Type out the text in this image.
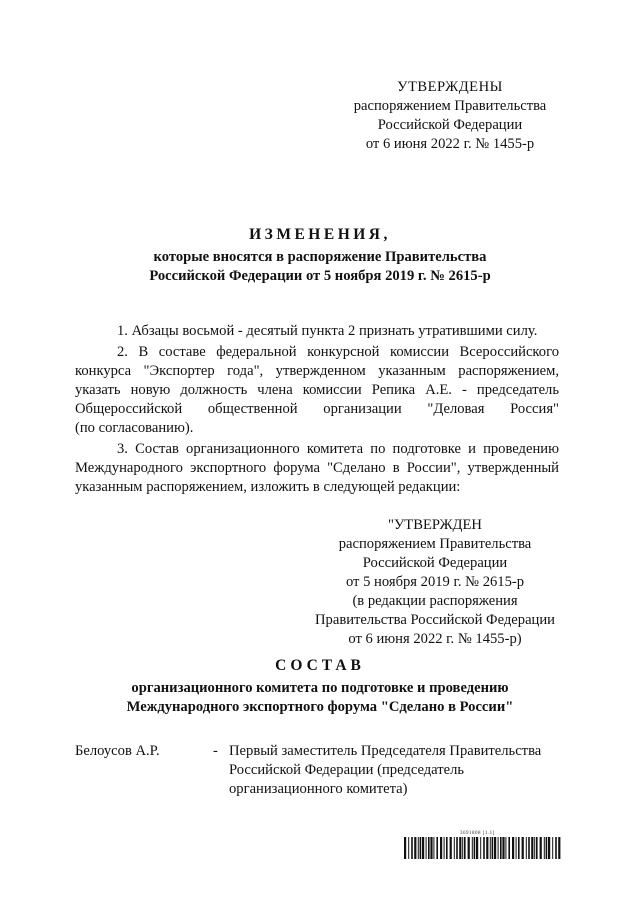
УТВЕРЖДЕНЫ
распоряжением Правительства
Российской Федерации
от 6 июня 2022 г. № 1455-р
ИЗМЕНЕНИЯ,
которые вносятся в распоряжение Правительства
Российской Федерации от 5 ноября 2019 г. № 2615-р
1. Абзацы восьмой - десятый пункта 2 признать утратившими силу.
2. В составе федеральной конкурсной комиссии Всероссийского
конкурса "Экспортер года", утвержденном указанным распоряжением,
указать новую должность члена комиссии Репика А.Е. - председатель
Общероссийской общественной организации "Деловая Россия"
(по согласованию).
3. Состав организационного комитета по подготовке и проведению
Международного экспортного форума "Сделано в России", утвержденный
указанным распоряжением, изложить в следующей редакции:
"УТВЕРЖДЕН
распоряжением Правительства
Российской Федерации
от 5 ноября 2019 г. № 2615-р
(в редакции распоряжения
Правительства Российской Федерации
от 6 июня 2022 г. № 1455-р)
СОСТАВ
организационного комитета по подготовке и проведению
Международного экспортного форума "Сделано в России"
Белоусов А.Р.	- Первый заместитель Председателя Правительства
Российской Федерации (председатель
организационного комитета)
3691808 [1.1]
